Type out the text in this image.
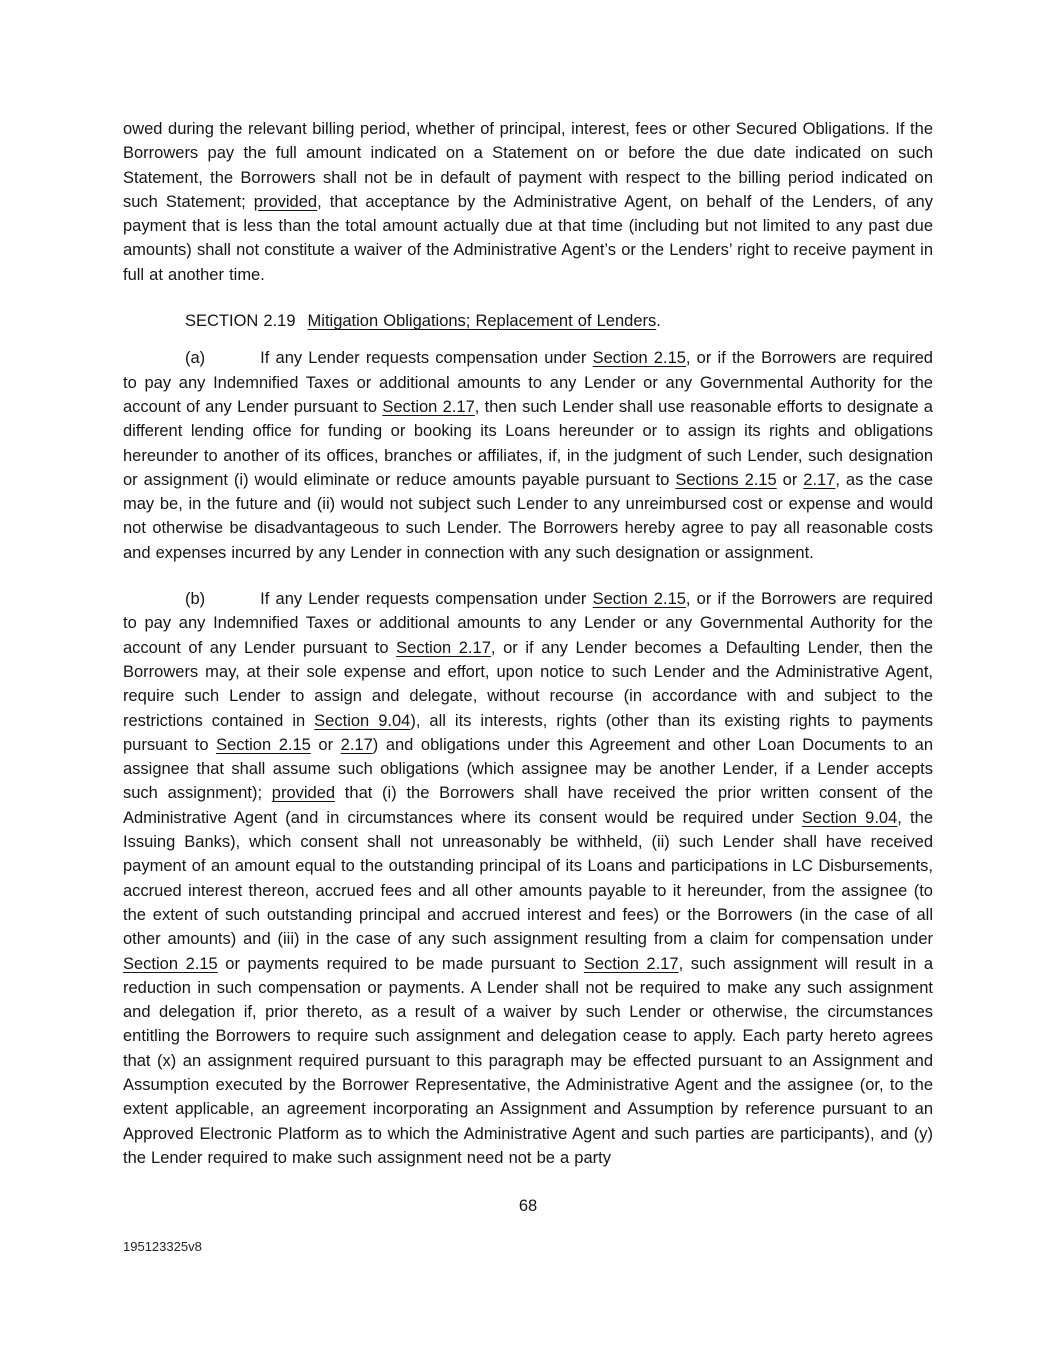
owed during the relevant billing period, whether of principal, interest, fees or other Secured Obligations. If the Borrowers pay the full amount indicated on a Statement on or before the due date indicated on such Statement, the Borrowers shall not be in default of payment with respect to the billing period indicated on such Statement; provided, that acceptance by the Administrative Agent, on behalf of the Lenders, of any payment that is less than the total amount actually due at that time (including but not limited to any past due amounts) shall not constitute a waiver of the Administrative Agent’s or the Lenders’ right to receive payment in full at another time.

SECTION 2.19 Mitigation Obligations; Replacement of Lenders.

(a)	If any Lender requests compensation under Section 2.15, or if the Borrowers are required to pay any Indemnified Taxes or additional amounts to any Lender or any Governmental Authority for the account of any Lender pursuant to Section 2.17, then such Lender shall use reasonable efforts to designate a different lending office for funding or booking its Loans hereunder or to assign its rights and obligations hereunder to another of its offices, branches or affiliates, if, in the judgment of such Lender, such designation or assignment (i) would eliminate or reduce amounts payable pursuant to Sections 2.15 or 2.17, as the case may be, in the future and (ii) would not subject such Lender to any unreimbursed cost or expense and would not otherwise be disadvantageous to such Lender. The Borrowers hereby agree to pay all reasonable costs and expenses incurred by any Lender in connection with any such designation or assignment.

(b)	If any Lender requests compensation under Section 2.15, or if the Borrowers are required to pay any Indemnified Taxes or additional amounts to any Lender or any Governmental Authority for the account of any Lender pursuant to Section 2.17, or if any Lender becomes a Defaulting Lender, then the Borrowers may, at their sole expense and effort, upon notice to such Lender and the Administrative Agent, require such Lender to assign and delegate, without recourse (in accordance with and subject to the restrictions contained in Section 9.04), all its interests, rights (other than its existing rights to payments pursuant to Section 2.15 or 2.17) and obligations under this Agreement and other Loan Documents to an assignee that shall assume such obligations (which assignee may be another Lender, if a Lender accepts such assignment); provided that (i) the Borrowers shall have received the prior written consent of the Administrative Agent (and in circumstances where its consent would be required under Section 9.04, the Issuing Banks), which consent shall not unreasonably be withheld, (ii) such Lender shall have received payment of an amount equal to the outstanding principal of its Loans and participations in LC Disbursements, accrued interest thereon, accrued fees and all other amounts payable to it hereunder, from the assignee (to the extent of such outstanding principal and accrued interest and fees) or the Borrowers (in the case of all other amounts) and (iii) in the case of any such assignment resulting from a claim for compensation under Section 2.15 or payments required to be made pursuant to Section 2.17, such assignment will result in a reduction in such compensation or payments. A Lender shall not be required to make any such assignment and delegation if, prior thereto, as a result of a waiver by such Lender or otherwise, the circumstances entitling the Borrowers to require such assignment and delegation cease to apply. Each party hereto agrees that (x) an assignment required pursuant to this paragraph may be effected pursuant to an Assignment and Assumption executed by the Borrower Representative, the Administrative Agent and the assignee (or, to the extent applicable, an agreement incorporating an Assignment and Assumption by reference pursuant to an Approved Electronic Platform as to which the Administrative Agent and such parties are participants), and (y) the Lender required to make such assignment need not be a party

68
195123325v8
